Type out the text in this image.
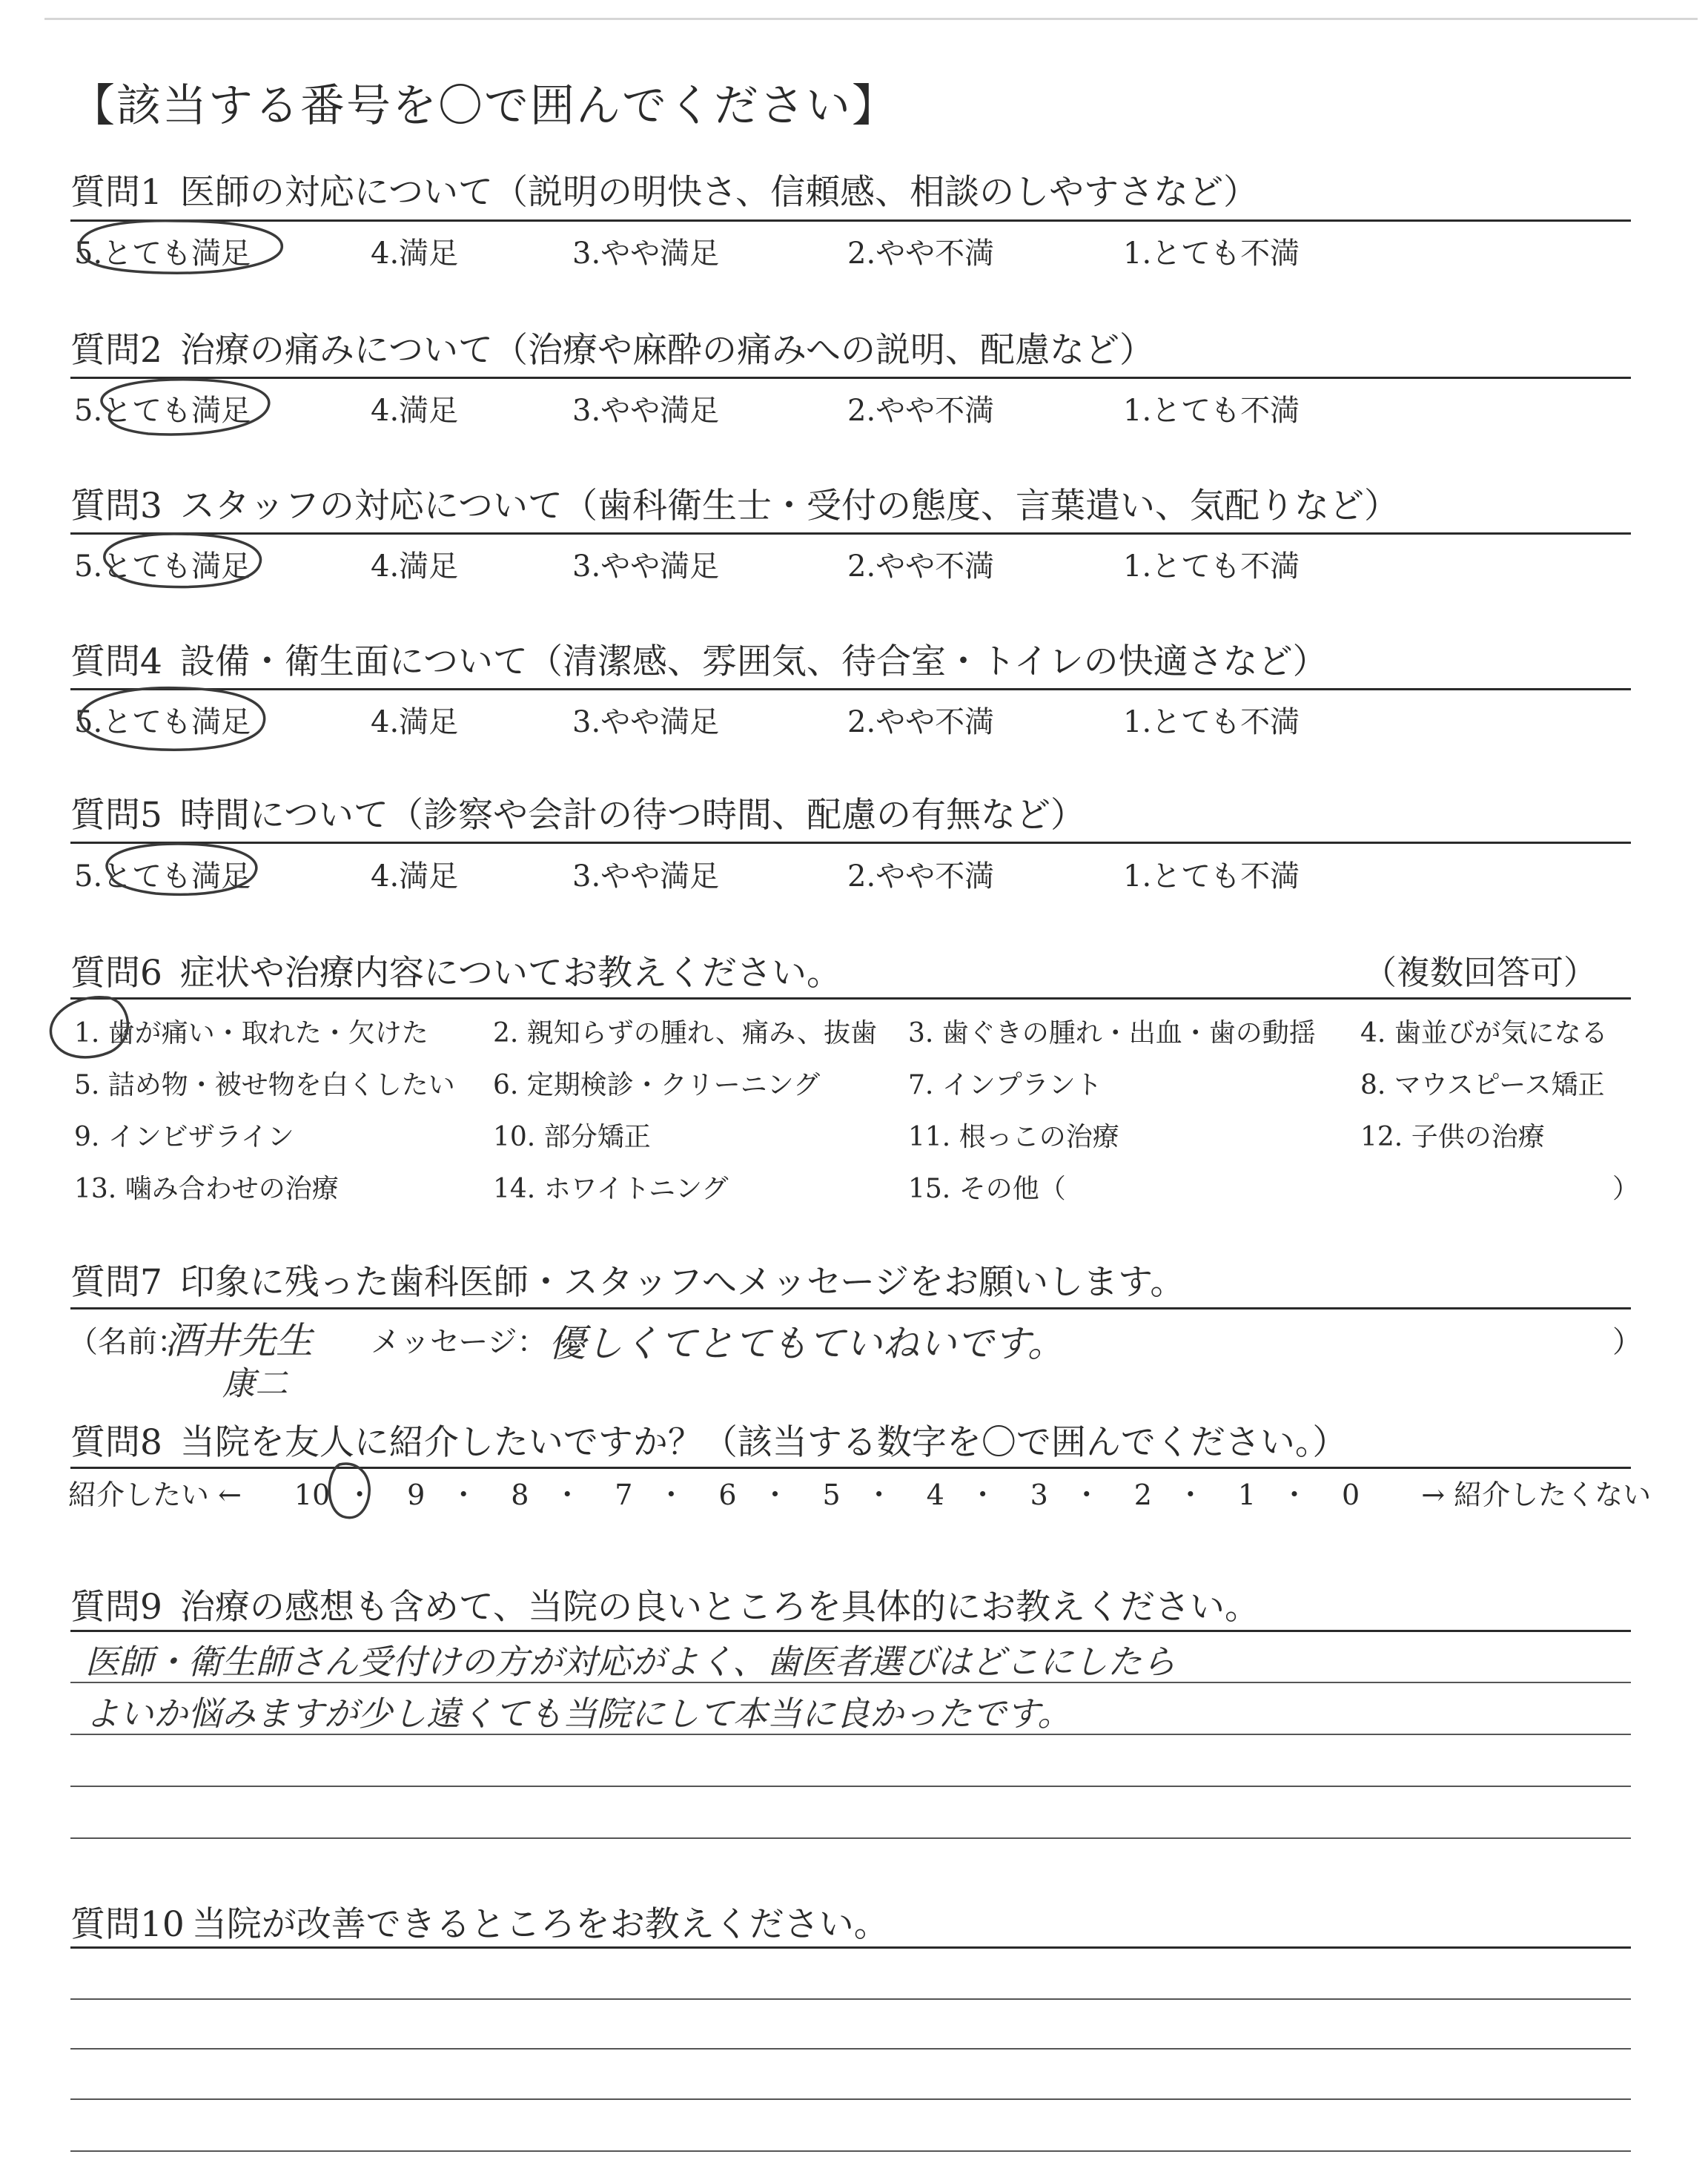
【該当する番号を〇で囲んでください】
質問1 医師の対応について（説明の明快さ、信頼感、相談のしやすさなど）
5.とても満足	4.満足	3.やや満足	2.やや不満	1.とても不満
質問2 治療の痛みについて（治療や麻酔の痛みへの説明、配慮など）
5.とても満足	4.満足	3.やや満足	2.やや不満	1.とても不満
質問3 スタッフの対応について（歯科衛生士・受付の態度、言葉遣い、気配りなど）
5.とても満足	4.満足	3.やや満足	2.やや不満	1.とても不満
質問4 設備・衛生面について（清潔感、雰囲気、待合室・トイレの快適さなど）
5.とても満足	4.満足	3.やや満足	2.やや不満	1.とても不満
質問5 時間について（診察や会計の待つ時間、配慮の有無など）
5.とても満足	4.満足	3.やや満足	2.やや不満	1.とても不満
質問6 症状や治療内容についてお教えください。	（複数回答可）
1. 歯が痛い・取れた・欠けた 2. 親知らずの腫れ、痛み、抜歯 3. 歯ぐきの腫れ・出血・歯の動揺 4. 歯並びが気になる
5. 詰め物・被せ物を白くしたい 6. 定期検診・クリーニング	7. インプラント	8. マウスピース矯正
9. インビザライン	10. 部分矯正	11. 根っこの治療	12. 子供の治療
13. 噛み合わせの治療	14. ホワイトニング	15. その他（	）
質問7 印象に残った歯科医師・スタッフへメッセージをお願いします。
（名前：
酒井先生
康二
メッセージ： 優しくてとてもていねいです。	）
質問8 当院を友人に紹介したいですか？（該当する数字を〇で囲んでください。）
紹介したい ← 10 ・ 9 ・ 8 ・ 7 ・ 6 ・ 5 ・ 4 ・ 3 ・ 2 ・ 1 ・ 0 → 紹介したくない
質問9 治療の感想も含めて、当院の良いところを具体的にお教えください。
医師・衛生師さん受付けの方が対応がよく、歯医者選びはどこにしたら
よいか悩みますが少し遠くても当院にして本当に良かったです。
質問10 当院が改善できるところをお教えください。
